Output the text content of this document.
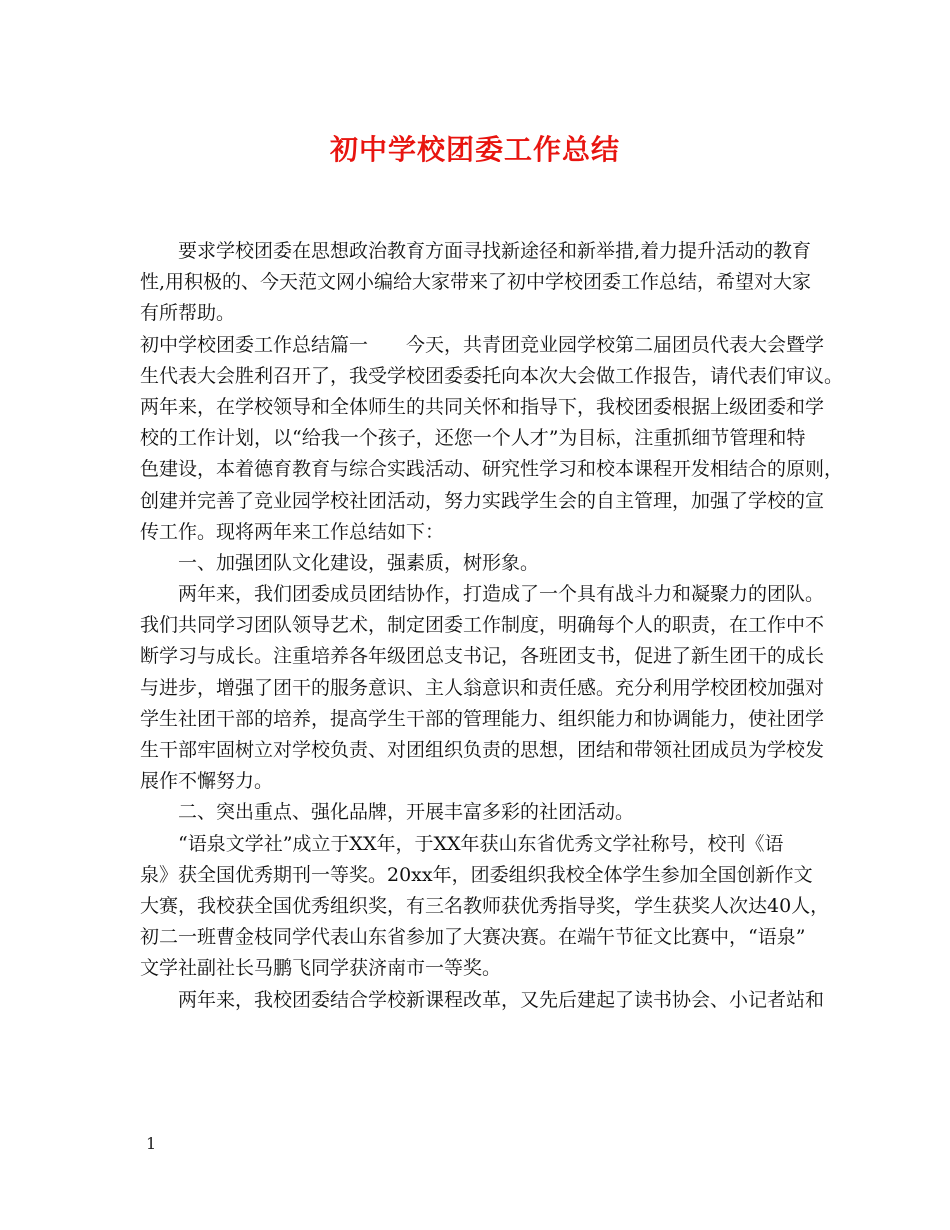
初中学校团委工作总结
　　要求学校团委在思想政治教育方面寻找新途径和新举措,着力提升活动的教育
性,用积极的、今天范文网小编给大家带来了初中学校团委工作总结，希望对大家
有所帮助。
初中学校团委工作总结篇一　　今天，共青团竞业园学校第二届团员代表大会暨学
生代表大会胜利召开了，我受学校团委委托向本次大会做工作报告，请代表们审议。
两年来，在学校领导和全体师生的共同关怀和指导下，我校团委根据上级团委和学
校的工作计划，以“给我一个孩子，还您一个人才”为目标，注重抓细节管理和特
色建设，本着德育教育与综合实践活动、研究性学习和校本课程开发相结合的原则，
创建并完善了竞业园学校社团活动，努力实践学生会的自主管理，加强了学校的宣
传工作。现将两年来工作总结如下：
　　一、加强团队文化建设，强素质，树形象。
　　两年来，我们团委成员团结协作，打造成了一个具有战斗力和凝聚力的团队。
我们共同学习团队领导艺术，制定团委工作制度，明确每个人的职责，在工作中不
断学习与成长。注重培养各年级团总支书记，各班团支书，促进了新生团干的成长
与进步，增强了团干的服务意识、主人翁意识和责任感。充分利用学校团校加强对
学生社团干部的培养，提高学生干部的管理能力、组织能力和协调能力，使社团学
生干部牢固树立对学校负责、对团组织负责的思想，团结和带领社团成员为学校发
展作不懈努力。
　　二、突出重点、强化品牌，开展丰富多彩的社团活动。
　　“语泉文学社”成立于XX年，于XX年获山东省优秀文学社称号，校刊《语
泉》获全国优秀期刊一等奖。20xx年，团委组织我校全体学生参加全国创新作文
大赛，我校获全国优秀组织奖，有三名教师获优秀指导奖，学生获奖人次达40人，
初二一班曹金枝同学代表山东省参加了大赛决赛。在端午节征文比赛中，“语泉”
文学社副社长马鹏飞同学获济南市一等奖。
　　两年来，我校团委结合学校新课程改革，又先后建起了读书协会、小记者站和
1
